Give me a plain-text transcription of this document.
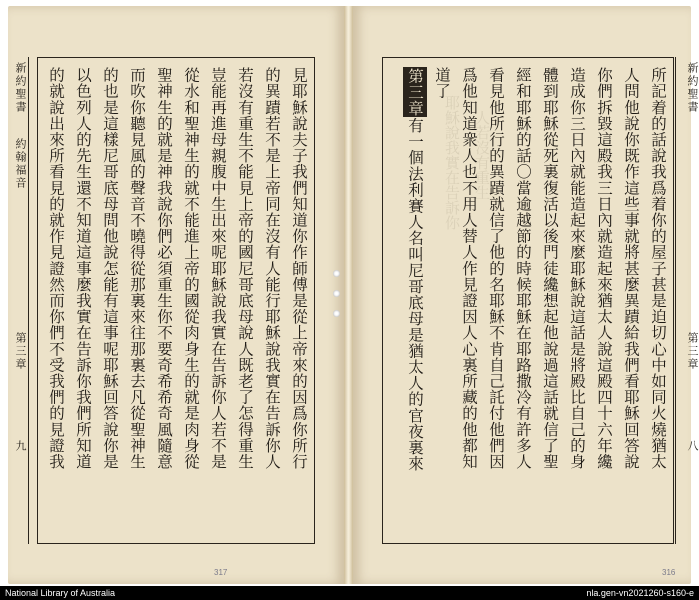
耶穌說我實在告訴你 人若沒有重生
新約聖書
約翰福音
第三章
九	見耶穌說夫子我們知道你作師傅是從上帝來的因爲你所行
的異蹟若不是上帝同在沒有人能行耶穌說我實在告訴你人
若沒有重生不能見上帝的國尼哥底母說人既老了怎得重生
豈能再進母親腹中生出來呢耶穌說我實在告訴你人若不是
從水和聖神生的就不能進上帝的國從肉身生的就是肉身從
聖神生的就是神我說你們必須重生你不要奇希希奇風隨意
而吹你聽見風的聲音不曉得從那裏來往那裏去凡從聖神生
的也是這樣尼哥底母問他說怎能有這事呢耶穌回答說你是
以色列人的先生還不知道這事麼我實在告訴你我們所知道
的就說出來所看見的就作見證然而你們不受我們的見證我
317
新約聖書
第三章
八
所記着的話說我爲着你的屋子甚是迫切心中如同火燒猶太
人問他說你既作這些事就將甚麼異蹟給我們看耶穌回答說
你們拆毀這殿我三日內就造起來猶太人說這殿四十六年纔
造成你三日內就能造起來麼耶穌說這話是將殿比自己的身
體到耶穌從死裏復活以後門徒纔想起他說過這話就信了聖
經和耶穌的話〇當逾越節的時候耶穌在耶路撒冷有許多人
看見他所行的異蹟就信了他的名耶穌不肯自己託付他們因
爲他知道衆人也不用人替人作見證因人心裏所藏的他都知
道了
第三章有一個法利賽人名叫尼哥底母是猶太人的官夜裏來
316
National Library of Australia	nla.gen-vn2021260-s160-e
